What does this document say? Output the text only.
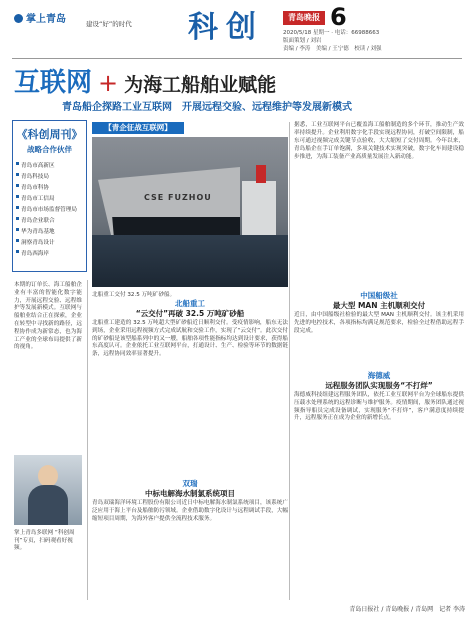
掌上青岛	建设“好”的时代 科创	青岛晚报 6
2020/5/18 星期一 · 电话：66988663
版面策划 / 刘岩
责编 / 李涛　美编 / 王宁德　校读 / 刘强
互联网 + 为海工船舶业赋能
青岛船企探路工业互联网　开展远程交验、远程维护等发展新模式
《科创周刊》
战略合作伙伴
青岛市高新区
青岛科技局
青岛市科协
青岛市工信局
青岛市市场监督管理局
青岛企业联合
华为青岛基地
洞察青岛设计
青岛西海岸
本期的订单长、海工船舶企业有丰富的智能化数字能力，开展远程交验、远程维护等发展新模式。互联网与船舶业结合正在探索，企业在转型中寻找新的路径，远程协作成为新常态，也为海工产业的全球布局提供了新的视角。
掌上青岛多联网 “科创周刊”专页，扫码观看好视频。
【青企征战互联网】
CSE FUZHOU
北船重工交付 32.5 万吨矿砂船。
据悉，工业互联网平台已覆盖海工船舶制造的多个环节，推动生产效率持续提升。企业利用数字化手段实现远程协同，打破空间限制，船东可通过视频完成关键节点验收，大大缩短了交付周期。今年以来，青岛船企在手订单饱满，多项关键技术实现突破，数字化车间建设稳步推进，为海工装备产业高质量发展注入新动能。
北船重工
“云交付”再破 32.5 万吨矿砂船
北船重工建造的 32.5 万吨超大型矿砂船近日顺利交付。受疫情影响，船东无法到场，企业采用远程视频方式完成试航和交验工作，实现了“云交付”。此次交付的矿砂船是该型船系列中的又一艘，船舶各项性能指标均达到设计要求，获得船东高度认可。企业依托工业互联网平台，打通设计、生产、检验等环节的数据链条，远程协同效率显著提升。
双瑞
中标电解海水制氯系统项目
青岛双瑞海洋环境工程股份有限公司近日中标电解海水制氯系统项目，该系统广泛应用于海上平台及船舶防污领域。企业借助数字化设计与远程调试手段，大幅缩短项目周期，为海外客户提供全流程技术服务。
中国船级社
最大型 MAN 主机顺利交付
近日，由中国船级社检验的最大型 MAN 主机顺利交付。该主机采用先进的电控技术，各项指标均满足规范要求，检验全过程借助远程手段完成。
海德威
远程服务团队实现服务“不打烊”
海德威科技组建远程服务团队，依托工业互联网平台为全球船东提供压载水处理系统的远程诊断与维护服务。疫情期间，服务团队通过视频指导船员完成设备调试，实现服务“不打烊”，客户满意度持续提升，远程服务正在成为企业的新增长点。
青岛日报社 / 青岛晚报 / 青岛网　记者 李涛
